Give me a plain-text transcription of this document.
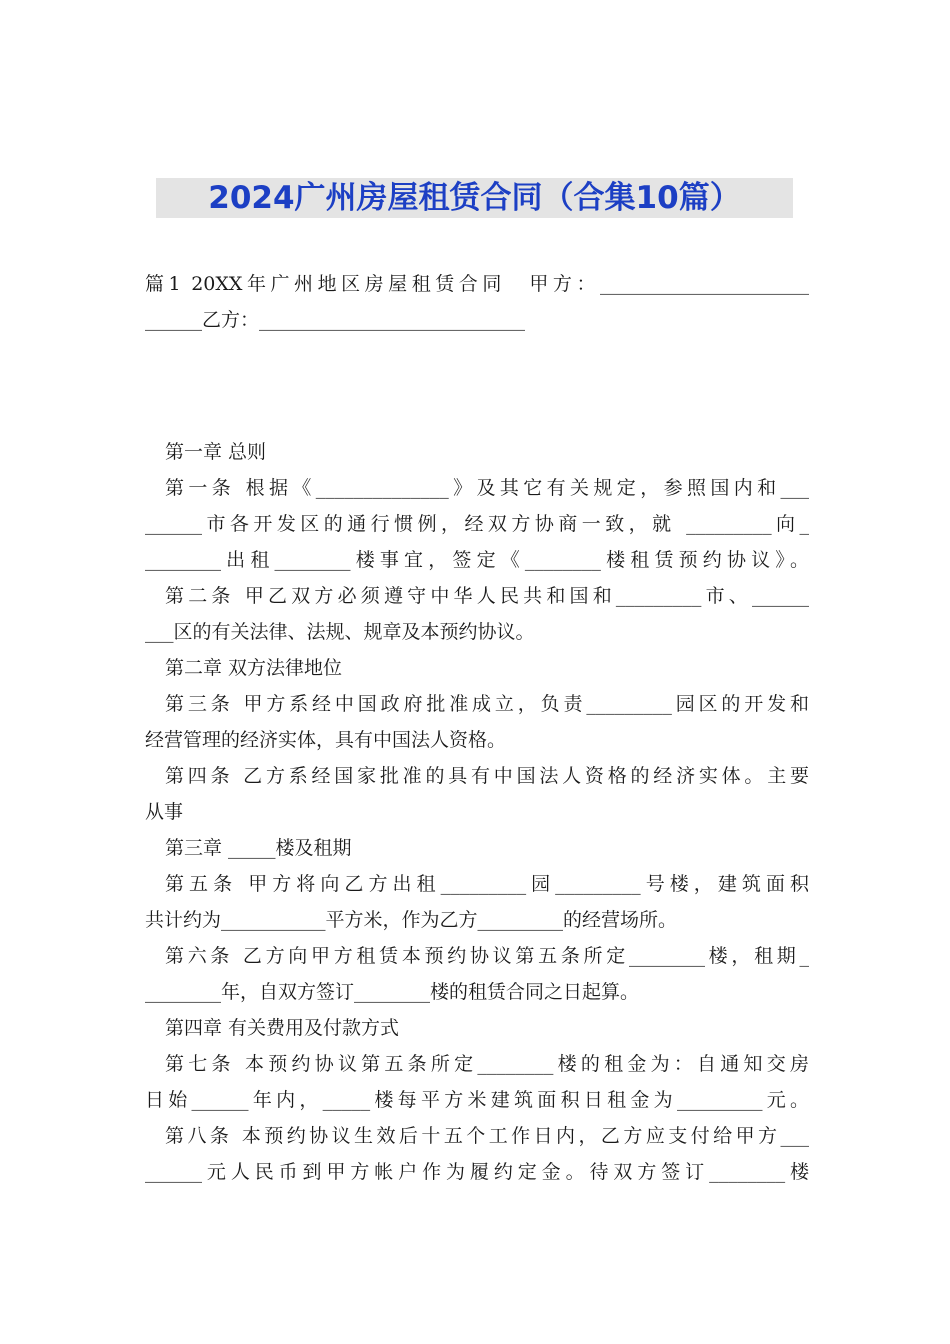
2024广州房屋租赁合同（合集10篇）
篇1 20XX年广州地区房屋租赁合同　甲方：______________________
______乙方：____________________________
第一章 总则
第一条 根据《______________》及其它有关规定，参照国内和___
______市各开发区的通行惯例，经双方协商一致，就 _________向_
________出租________楼事宜，签定《________楼租赁预约协议》。
第二条 甲乙双方必须遵守中华人民共和国和_________市、______
___区的有关法律、法规、规章及本预约协议。
第二章 双方法律地位
第三条 甲方系经中国政府批准成立，负责_________园区的开发和
经营管理的经济实体，具有中国法人资格。
第四条 乙方系经国家批准的具有中国法人资格的经济实体。主要
从事
第三章 _____楼及租期
第五条 甲方将向乙方出租_________园_________号楼，建筑面积
共计约为___________平方米，作为乙方_________的经营场所。
第六条 乙方向甲方租赁本预约协议第五条所定________楼，租期_
________年，自双方签订________楼的租赁合同之日起算。
第四章 有关费用及付款方式
第七条 本预约协议第五条所定________楼的租金为：自通知交房
日始______年内，_____楼每平方米建筑面积日租金为_________元。
第八条 本预约协议生效后十五个工作日内，乙方应支付给甲方___
______元人民币到甲方帐户作为履约定金。待双方签订________楼
